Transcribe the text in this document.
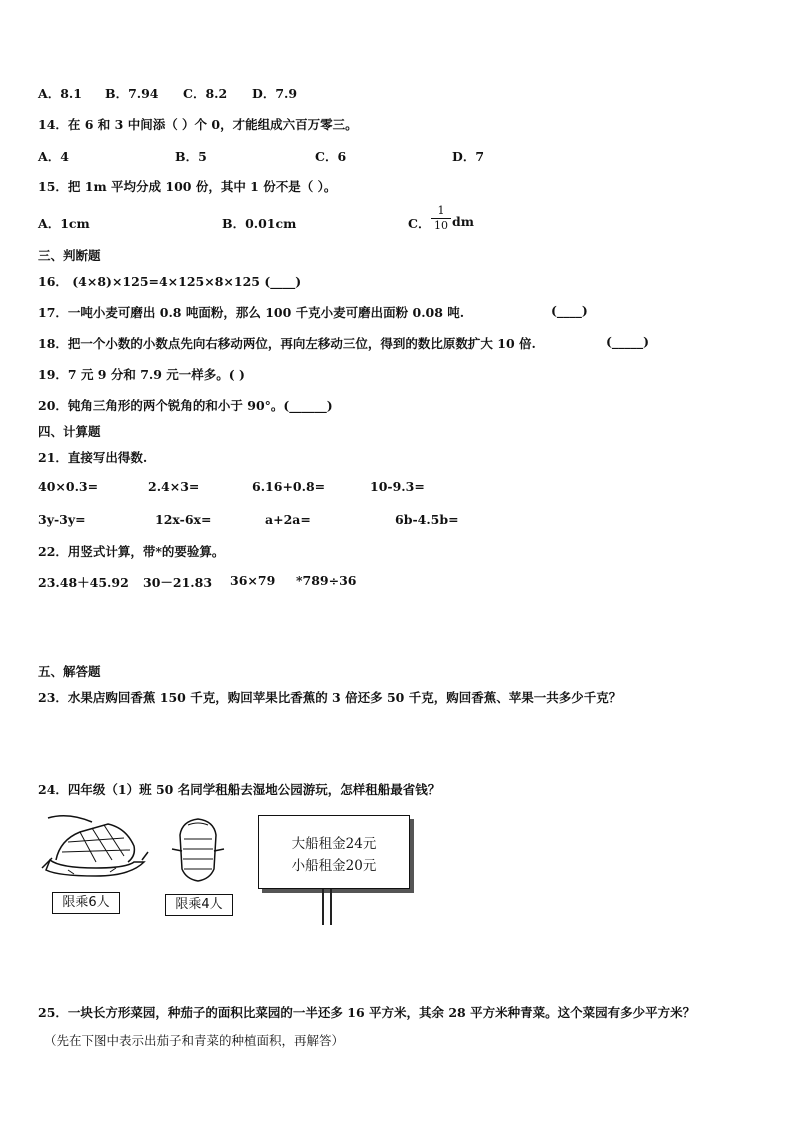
A．8.1 B．7.94 C．8.2 D．7.9
14．在 6 和 3 中间添（ ）个 0，才能组成六百万零三。
A．4	B．5	C．6	D．7
15．把 1m 平均分成 100 份，其中 1 份不是（ ）。
A．1cm	B．0.01cm	C． $\frac{1}{10}$ dm
三、判断题
16． (4×8)×125=4×125×8×125 (____)
17．一吨小麦可磨出 0.8 吨面粉，那么 100 千克小麦可磨出面粉 0.08 吨.	(____)
18．把一个小数的小数点先向右移动两位，再向左移动三位，得到的数比原数扩大 10 倍.	(_____)
19．7 元 9 分和 7.9 元一样多。( )
20．钝角三角形的两个锐角的和小于 90°。(______)
四、计算题
21．直接写出得数.
40×0.3=	2.4×3=	6.16+0.8=	10-9.3=
3y-3y=	12x-6x=	a+2a=	6b-4.5b=
22．用竖式计算，带*的要验算。
23.48＋45.92 30－21.83 36×79 *789÷36
五、解答题
23．水果店购回香蕉 150 千克，购回苹果比香蕉的 3 倍还多 50 千克，购回香蕉、苹果一共多少千克？
24．四年级（1）班 50 名同学租船去湿地公园游玩，怎样租船最省钱？
限乘6人	限乘4人
大船租金24元
小船租金20元
25．一块长方形菜园，种茄子的面积比菜园的一半还多 16 平方米，其余 28 平方米种青菜。这个菜园有多少平方米？
（先在下图中表示出茄子和青菜的种植面积，再解答）
